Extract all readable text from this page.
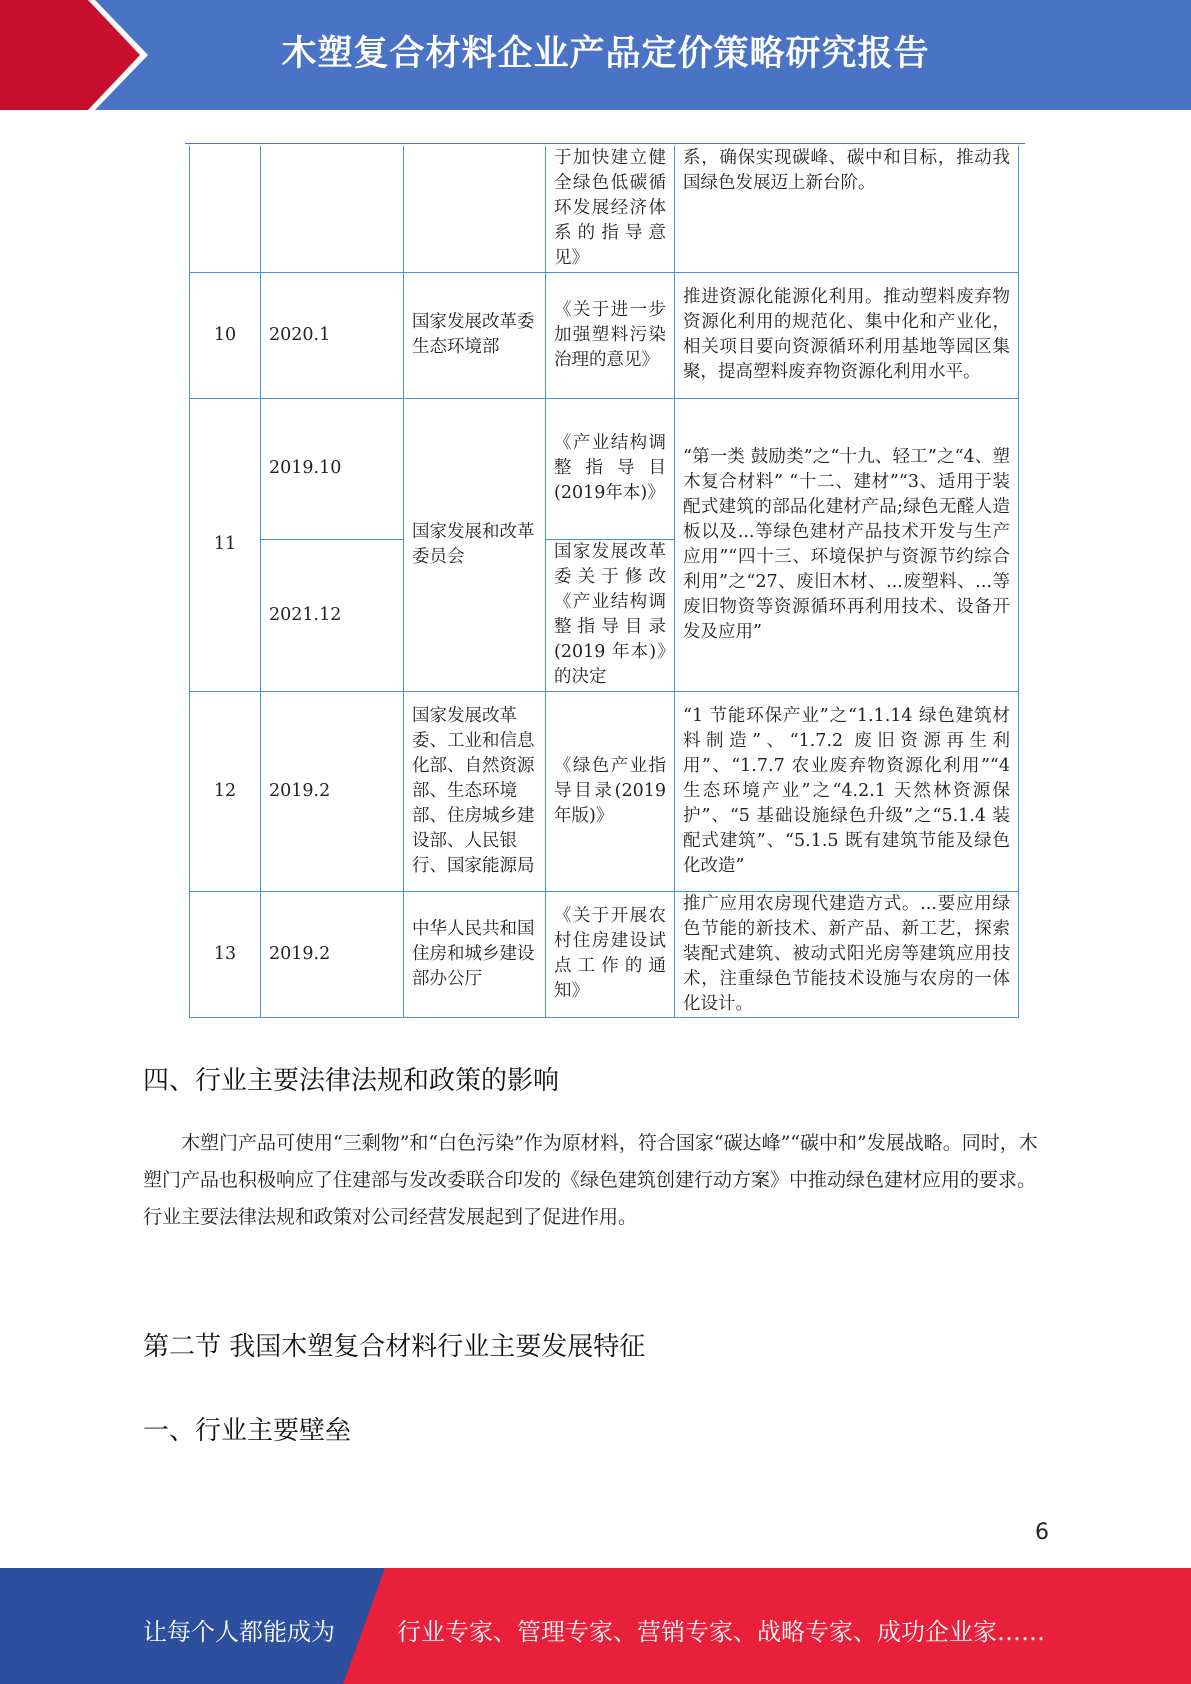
木塑复合材料企业产品定价策略研究报告
			于加快建立健全绿色低碳循环发展经济体系的指导意见》	系，确保实现碳峰、碳中和目标，推动我国绿色发展迈上新台阶。
10	2020.1	国家发展改革委生态环境部	《关于进一步加强塑料污染治理的意见》	推进资源化能源化利用。推动塑料废弃物资源化利用的规范化、集中化和产业化，相关项目要向资源循环利用基地等园区集聚，提高塑料废弃物资源化利用水平。
11	2019.10	国家发展和改革委员会	《产业结构调整指导目(2019年本)》	“第一类 鼓励类”之“十九、轻工”之“4、塑木复合材料” “十二、建材”“3、适用于装配式建筑的部品化建材产品;绿色无醛人造板以及...等绿色建材产品技术开发与生产应用”“四十三、环境保护与资源节约综合利用”之“27、废旧木材、...废塑料、...等废旧物资等资源循环再利用技术、设备开发及应用”
	2021.12		国家发展改革委关于修改《产业结构调整指导目录 (2019 年本)》的决定	
12	2019.2	国家发展改革委、工业和信息化部、自然资源部、生态环境部、住房城乡建设部、人民银行、国家能源局	《绿色产业指导目录(2019年版)》	“1 节能环保产业”之“1.1.14 绿色建筑材料制造”、“1.7.2 废旧资源再生利用”、“1.7.7 农业废弃物资源化利用”“4 生态环境产业”之“4.2.1 天然林资源保护”、“5 基础设施绿色升级”之“5.1.4 装配式建筑”、“5.1.5 既有建筑节能及绿色化改造”
13	2019.2	中华人民共和国住房和城乡建设部办公厅	《关于开展农村住房建设试点工作的通知》	推广应用农房现代建造方式。...要应用绿色节能的新技术、新产品、新工艺，探索装配式建筑、被动式阳光房等建筑应用技术，注重绿色节能技术设施与农房的一体化设计。
四、行业主要法律法规和政策的影响

木塑门产品可使用“三剩物”和“白色污染”作为原材料，符合国家“碳达峰”“碳中和”发展战略。同时，木塑门产品也积极响应了住建部与发改委联合印发的《绿色建筑创建行动方案》中推动绿色建材应用的要求。行业主要法律法规和政策对公司经营发展起到了促进作用。

第二节 我国木塑复合材料行业主要发展特征
一、行业主要壁垒
6
让每个人都能成为	行业专家、管理专家、营销专家、战略专家、成功企业家……
